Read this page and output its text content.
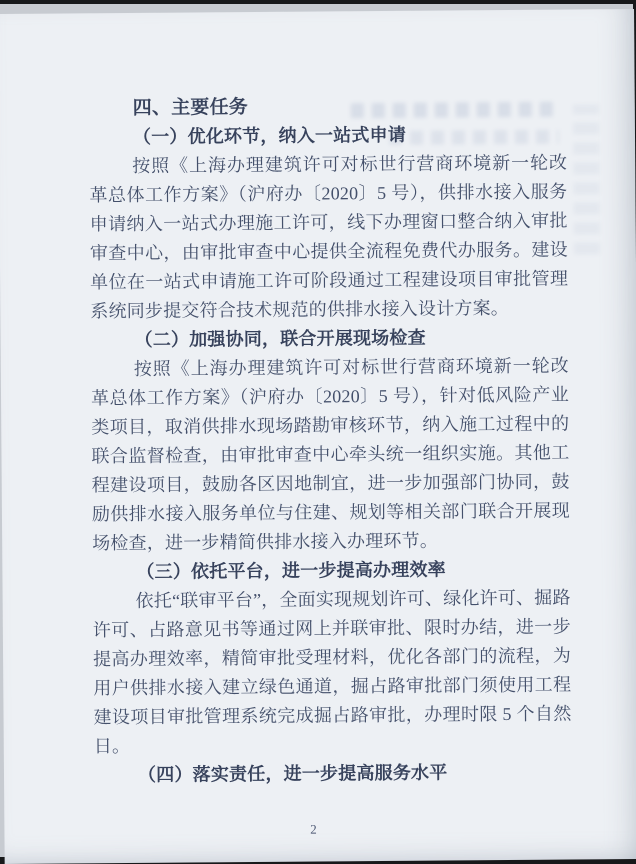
四、主要任务
（一）优化环节，纳入一站式申请

按照《上海办理建筑许可对标世行营商环境新一轮改革总体工作方案》（沪府办〔2020〕5 号），供排水接入服务申请纳入一站式办理施工许可，线下办理窗口整合纳入审批审查中心，由审批审查中心提供全流程免费代办服务。建设单位在一站式申请施工许可阶段通过工程建设项目审批管理系统同步提交符合技术规范的供排水接入设计方案。

（二）加强协同，联合开展现场检查

按照《上海办理建筑许可对标世行营商环境新一轮改革总体工作方案》（沪府办〔2020〕5 号），针对低风险产业类项目，取消供排水现场踏勘审核环节，纳入施工过程中的联合监督检查，由审批审查中心牵头统一组织实施。其他工程建设项目，鼓励各区因地制宜，进一步加强部门协同，鼓励供排水接入服务单位与住建、规划等相关部门联合开展现场检查，进一步精简供排水接入办理环节。

（三）依托平台，进一步提高办理效率

依托“联审平台”，全面实现规划许可、绿化许可、掘路许可、占路意见书等通过网上并联审批、限时办结，进一步提高办理效率，精简审批受理材料，优化各部门的流程，为用户供排水接入建立绿色通道，掘占路审批部门须使用工程建设项目审批管理系统完成掘占路审批，办理时限 5 个自然日。

（四）落实责任，进一步提高服务水平
2
